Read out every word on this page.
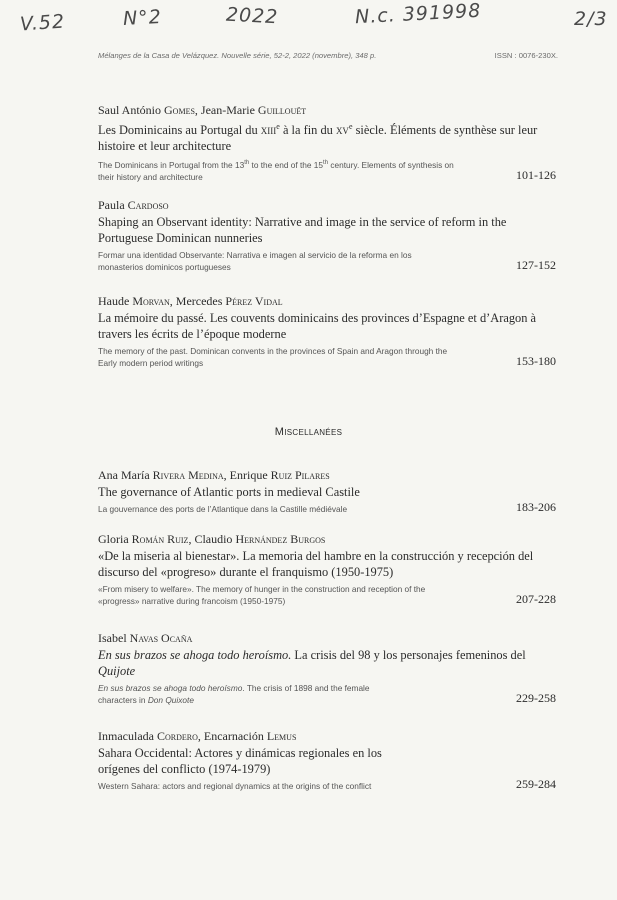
V.52	N°2	2022	N.c. 391998	2/3
Mélanges de la Casa de Velázquez. Nouvelle série, 52-2, 2022 (novembre), 348 p.	ISSN : 0076-230X.
Saul António Gomes, Jean-Marie Guillouët
Les Dominicains au Portugal du xiii$^e$ à la fin du $xv^e$ siècle. Éléments de synthèse sur leur histoire et leur architecture
The Dominicans in Portugal from the 13th to the end of the 15th century. Elements of synthesis on their history and architecture	101-126
Paula Cardoso
Shaping an Observant identity: Narrative and image in the service of reform in the Portuguese Dominican nunneries
Formar una identidad Observante: Narrativa e imagen al servicio de la reforma en los monasterios dominicos portugueses	127-152
Haude Morvan, Mercedes Pérez Vidal
La mémoire du passé. Les couvents dominicains des provinces d’Espagne et d’Aragon à travers les écrits de l’époque moderne
The memory of the past. Dominican convents in the provinces of Spain and Aragon through the Early modern period writings	153-180
Miscellanées
Ana María Rivera Medina, Enrique Ruiz Pilares
The governance of Atlantic ports in medieval Castile
La gouvernance des ports de l’Atlantique dans la Castille médiévale	183-206
Gloria Román Ruiz, Claudio Hernández Burgos
«De la miseria al bienestar». La memoria del hambre en la construcción y recepción del discurso del «progreso» durante el franquismo (1950-1975)
«From misery to welfare». The memory of hunger in the construction and reception of the «progress» narrative during francoism (1950-1975)	207-228
Isabel Navas Ocaña
En sus brazos se ahoga todo heroísmo. La crisis del 98 y los personajes femeninos del Quijote
En sus brazos se ahoga todo heroísmo. The crisis of 1898 and the female characters in Don Quixote	229-258
Inmaculada Cordero, Encarnación Lemus
Sahara Occidental: Actores y dinámicas regionales en los orígenes del conflicto (1974-1979)
Western Sahara: actors and regional dynamics at the origins of the conflict	259-284
